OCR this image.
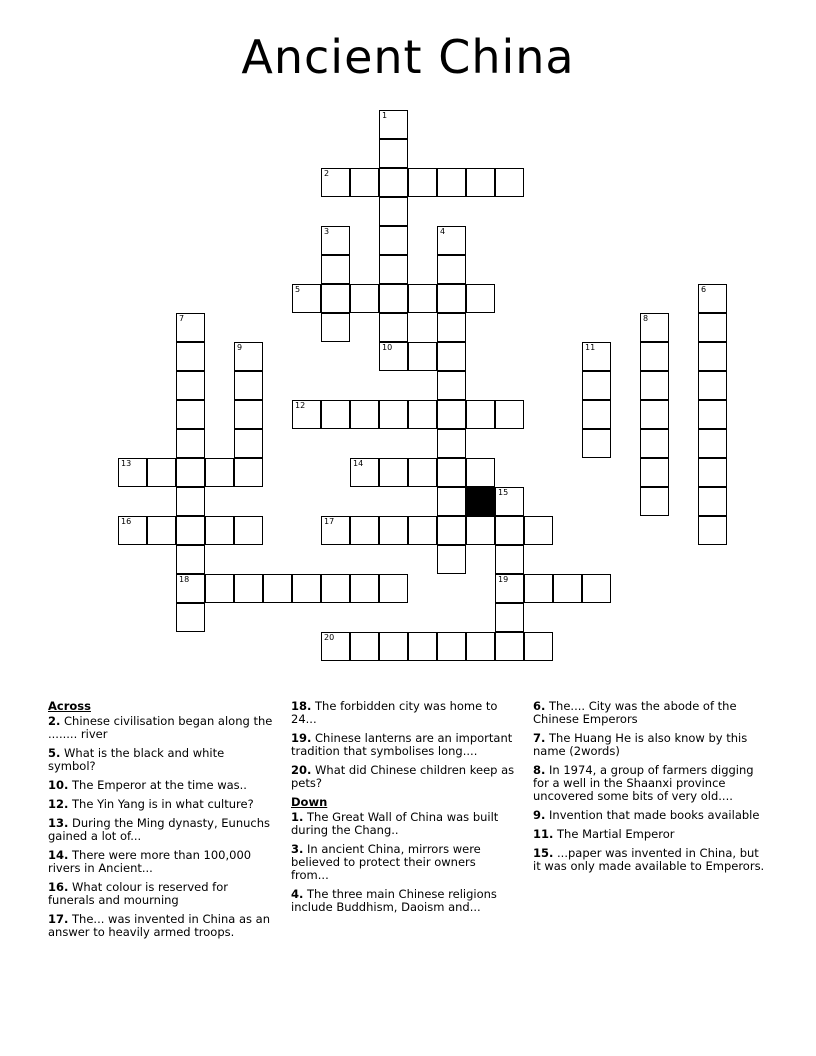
Ancient China
1
2
3	4
5	6
7
18
8
9	10	11
12
13	14
15
19
16	17
20
Across
2. Chinese civilisation began along the ........ river
5. What is the black and white symbol?
10. The Emperor at the time was..
12. The Yin Yang is in what culture?
13. During the Ming dynasty, Eunuchs gained a lot of...
14. There were more than 100,000 rivers in Ancient...
16. What colour is reserved for funerals and mourning
17. The... was invented in China as an answer to heavily armed troops.
18. The forbidden city was home to 24...
19. Chinese lanterns are an important tradition that symbolises long....
20. What did Chinese children keep as pets?
Down
1. The Great Wall of China was built during the Chang..
3. In ancient China, mirrors were believed to protect their owners from...
4. The three main Chinese religions include Buddhism, Daoism and...
6. The.... City was the abode of the Chinese Emperors
7. The Huang He is also know by this name (2words)
8. In 1974, a group of farmers digging for a well in the Shaanxi province uncovered some bits of very old....
9. Invention that made books available
11. The Martial Emperor
15. ...paper was invented in China, but it was only made available to Emperors.
